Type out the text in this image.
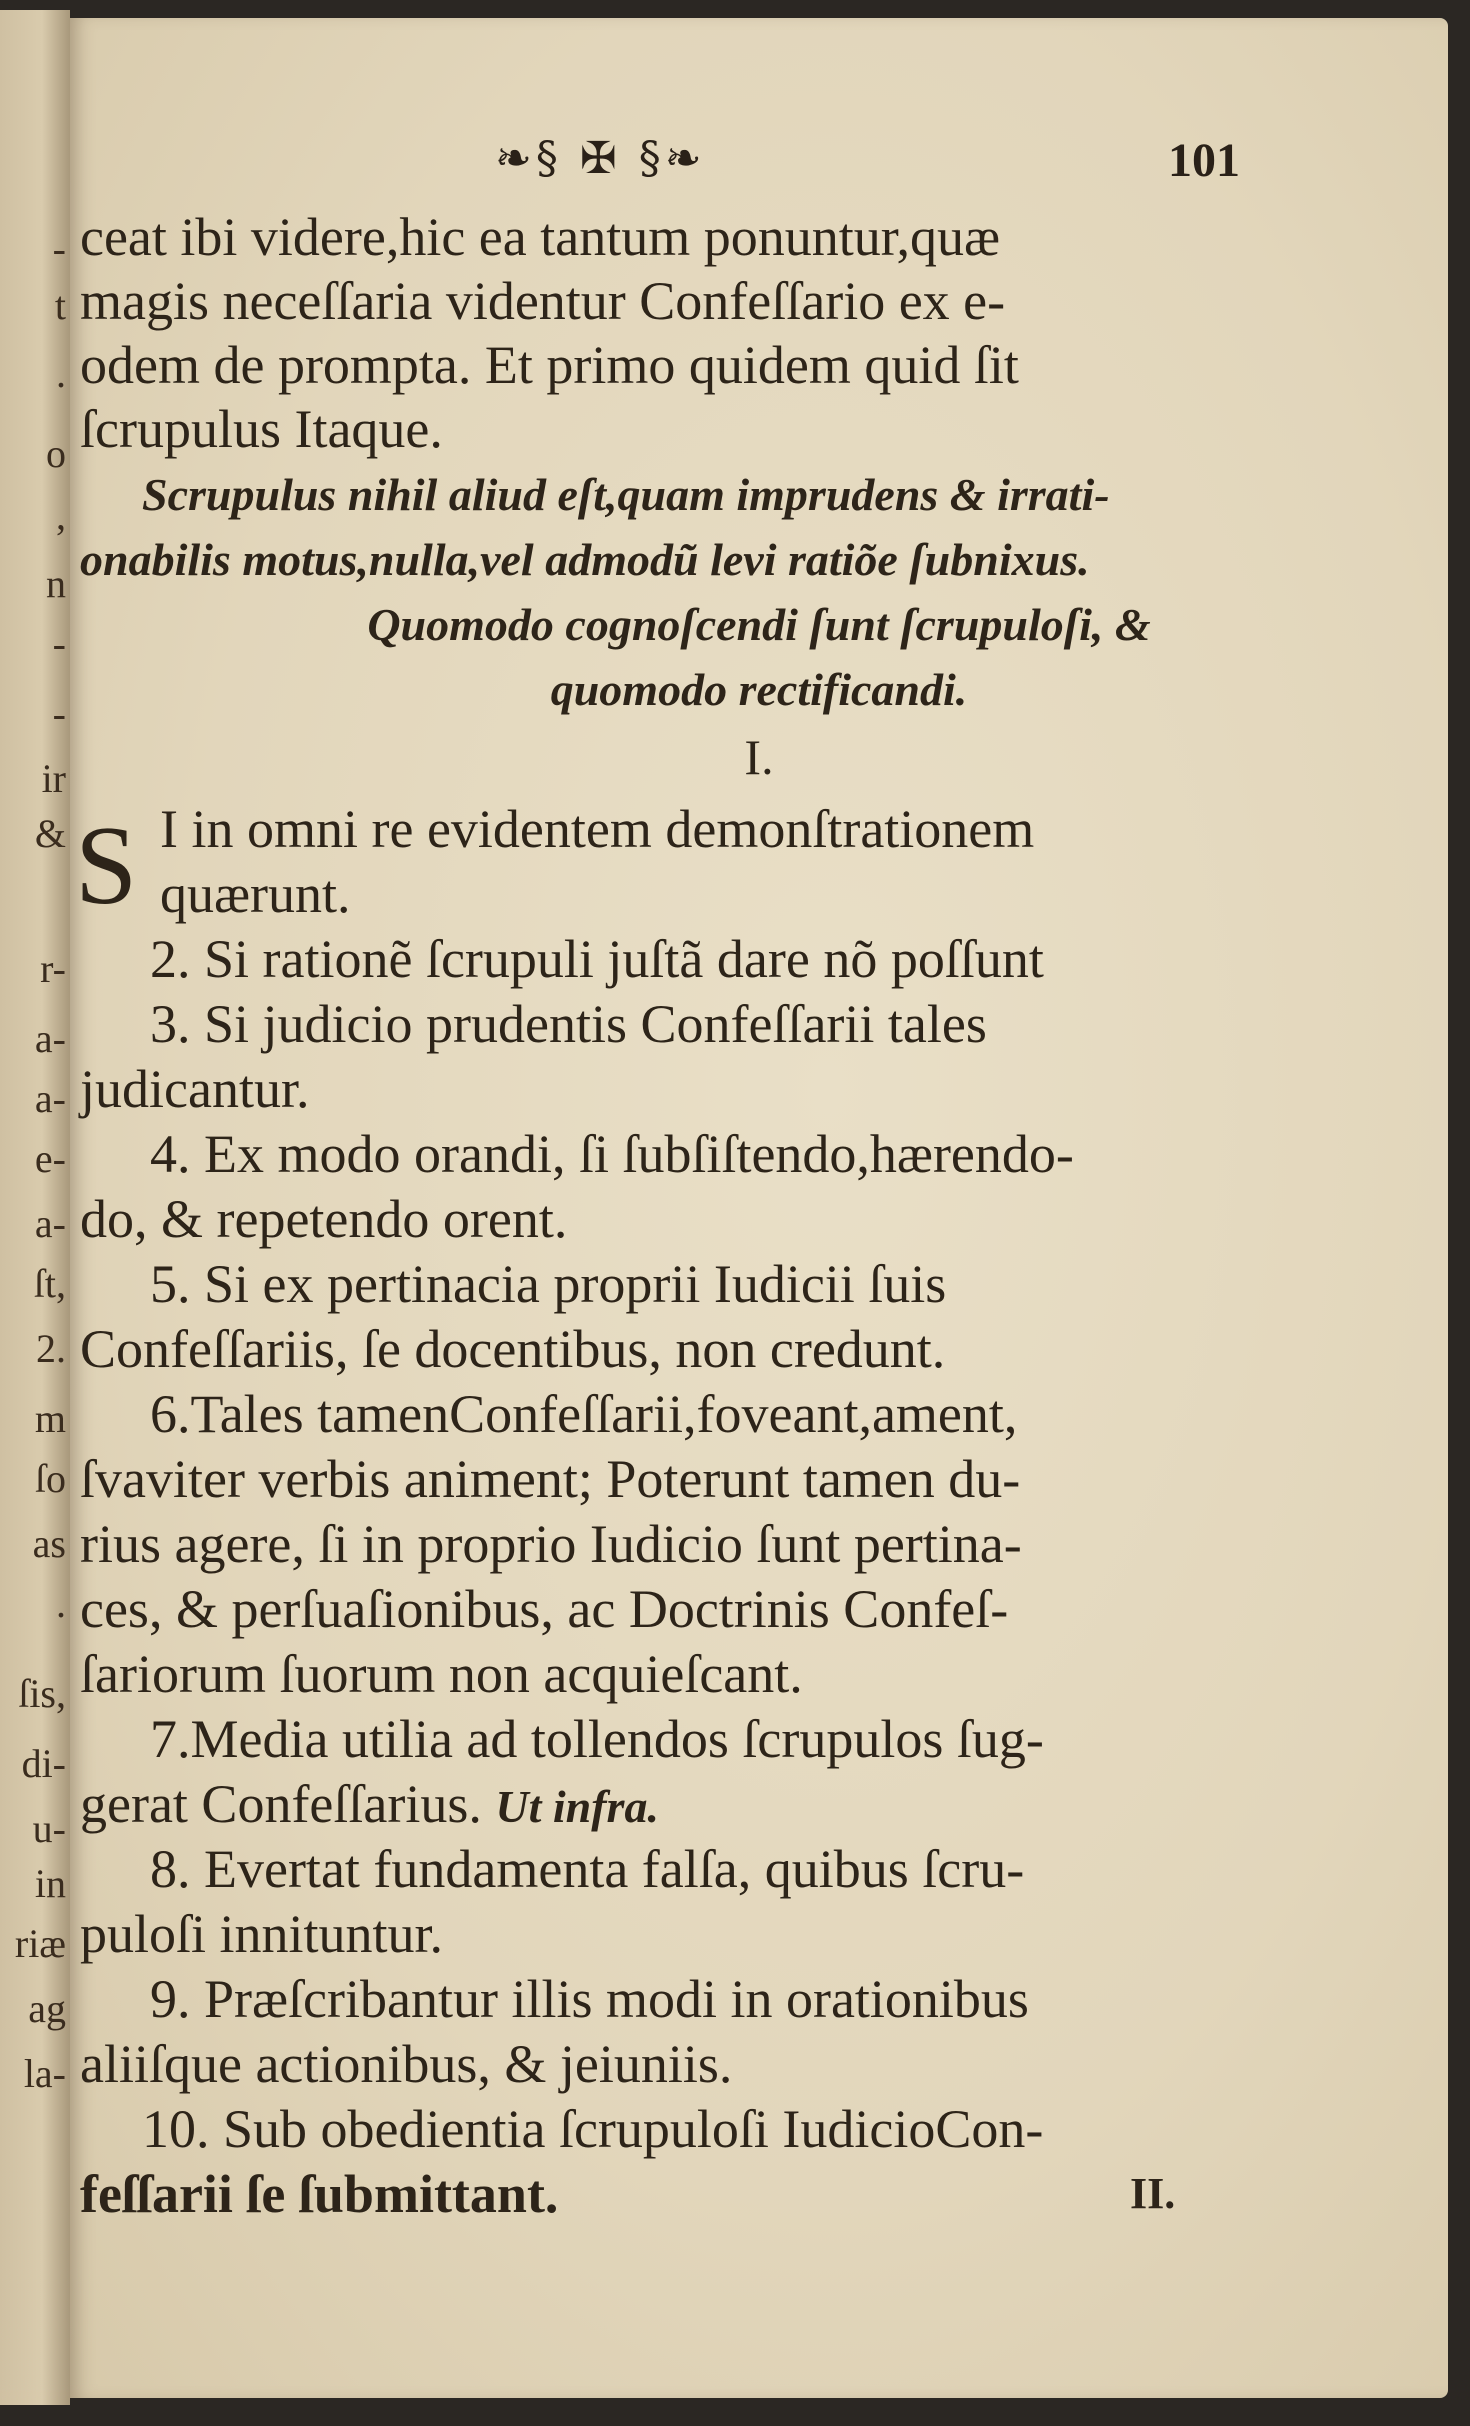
-
t
.
o
,
n
-
-
ir
&
r-
a-
a-
e-
a-
ſt,
2.
m
ſo
as
.
ſis,
di-
u-
in
riæ
ag
la-
❧§ ✠ §❧	101
ceat ibi videre,hic ea tantum ponuntur,quæ
magis neceſſaria videntur Confeſſario ex e-
odem de prompta. Et primo quidem quid ſit
ſcrupulus Itaque.
Scrupulus nihil aliud eſt,quam imprudens & irrati-
onabilis motus,nulla,vel admodũ levi ratiõe ſubnixus.
Quomodo cognoſcendi ſunt ſcrupuloſi, &
quomodo rectificandi.
I.
S I in omni re evidentem demonſtrationem
quærunt.
2. Si rationẽ ſcrupuli juſtã dare nõ poſſunt
3. Si judicio prudentis Confeſſarii tales
judicantur.
4. Ex modo orandi, ſi ſubſiſtendo,hærendo-
do, & repetendo orent.
5. Si ex pertinacia proprii Iudicii ſuis
Confeſſariis, ſe docentibus, non credunt.
6.Tales tamenConfeſſarii,foveant,ament,
ſvaviter verbis animent; Poterunt tamen du-
rius agere, ſi in proprio Iudicio ſunt pertina-
ces, & perſuaſionibus, ac Doctrinis Confeſ-
ſariorum ſuorum non acquieſcant.
7.Media utilia ad tollendos ſcrupulos ſug-
gerat Confeſſarius. Ut infra.
8. Evertat fundamenta falſa, quibus ſcru-
puloſi innituntur.
9. Præſcribantur illis modi in orationibus
aliiſque actionibus, & jeiuniis.
10. Sub obedientia ſcrupuloſi IudicioCon-
feſſarii ſe ſubmittant.	II.
